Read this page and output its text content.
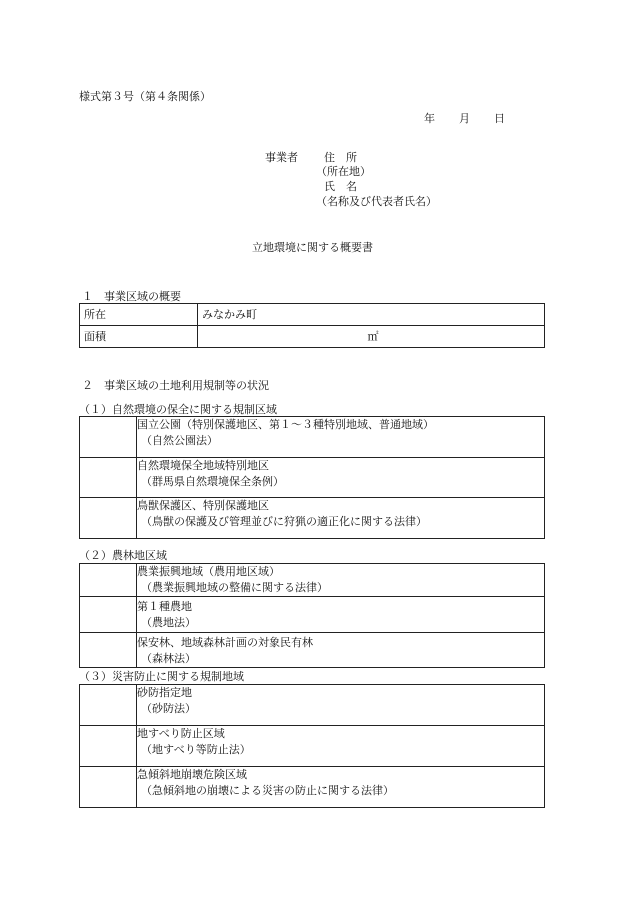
様式第３号（第４条関係）
年 月 日
事業者 住　所
（所在地）
氏　名
（名称及び代表者氏名）
立地環境に関する概要書
１　事業区域の概要
所在	みなかみ町
面積	㎡
２　事業区域の土地利用規制等の状況
（１）自然環境の保全に関する規制区域
	国立公園（特別保護地区、第１～３種特別地域、普通地域）
（自然公園法）

	自然環境保全地域特別地区
（群馬県自然環境保全条例）

	鳥獣保護区、特別保護地区
（鳥獣の保護及び管理並びに狩猟の適正化に関する法律）
（２）農林地区域
	農業振興地域（農用地区域）
（農業振興地域の整備に関する法律）

	第１種農地
（農地法）

	保安林、地域森林計画の対象民有林
（森林法）
（３）災害防止に関する規制地域
	砂防指定地
（砂防法）

	地すべり防止区域
（地すべり等防止法）

	急傾斜地崩壊危険区域
（急傾斜地の崩壊による災害の防止に関する法律）
